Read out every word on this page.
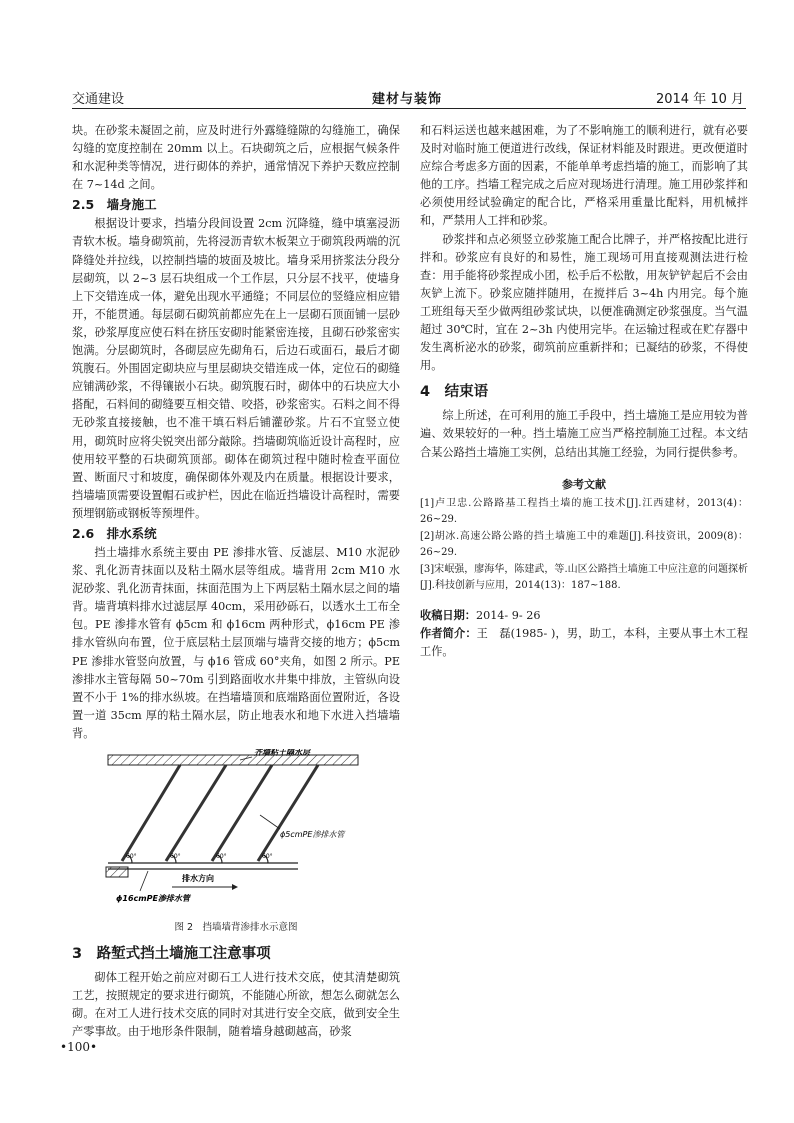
交通建设	建材与装饰	2014 年 10 月

块。在砂浆未凝固之前，应及时进行外露缝缝隙的勾缝施工，确保勾缝的宽度控制在 20mm 以上。石块砌筑之后，应根据气候条件和水泥种类等情况，进行砌体的养护，通常情况下养护天数应控制在 7~14d 之间。

2.5　墙身施工

根据设计要求，挡墙分段间设置 2cm 沉降缝，缝中填塞浸沥青软木板。墙身砌筑前，先将浸沥青软木板架立于砌筑段两端的沉降缝处并拉线，以控制挡墙的坡面及坡比。墙身采用挤浆法分段分层砌筑，以 2~3 层石块组成一个工作层，只分层不找平，使墙身上下交错连成一体，避免出现水平通缝；不同层位的竖缝应相应错开，不能贯通。每层砌石砌筑前都应先在上一层砌石顶面铺一层砂浆，砂浆厚度应使石料在挤压安砌时能紧密连接，且砌石砂浆密实饱满。分层砌筑时，各砌层应先砌角石，后边石或面石，最后才砌筑腹石。外围固定砌块应与里层砌块交错连成一体，定位石的砌缝应铺满砂浆，不得镶嵌小石块。砌筑腹石时，砌体中的石块应大小搭配，石料间的砌缝要互相交错、咬搭，砂浆密实。石料之间不得无砂浆直接接触，也不准干填石料后铺灌砂浆。片石不宜竖立使用，砌筑时应将尖锐突出部分敲除。挡墙砌筑临近设计高程时，应使用较平整的石块砌筑顶部。砌体在砌筑过程中随时检查平面位置、断面尺寸和坡度，确保砌体外观及内在质量。根据设计要求，挡墙墙顶需要设置帽石或护栏，因此在临近挡墙设计高程时，需要预埋钢筋或钢板等预埋件。

2.6　排水系统

挡土墙排水系统主要由 PE 渗排水管、反滤层、M10 水泥砂浆、乳化沥青抹面以及粘土隔水层等组成。墙背用 2cm M10 水泥砂浆、乳化沥青抹面，抹面范围为上下两层粘土隔水层之间的墙背。墙背填料排水过滤层厚 40cm，采用砂砾石，以透水土工布全包。PE 渗排水管有 ϕ5cm 和 ϕ16cm 两种形式，ϕ16cm PE 渗排水管纵向布置，位于底层粘土层顶端与墙背交接的地方；ϕ5cm PE 渗排水管竖向放置，与 ϕ16 管成 60°夹角，如图 2 所示。PE 渗排水主管每隔 50~70m 引到路面收水井集中排放，主管纵向设置不小于 1%的排水纵坡。在挡墙墙顶和底端路面位置附近，各设置一道 35cm 厚的粘土隔水层，防止地表水和地下水进入挡墙墙背。

齐墙粘土隔水层
ϕ5cmPE渗排水管
60°	60°	60°	60°
排水方向
ϕ16cmPE渗排水管
图 2　挡墙墙背渗排水示意图
3　路堑式挡土墙施工注意事项

砌体工程开始之前应对砌石工人进行技术交底，使其清楚砌筑工艺，按照规定的要求进行砌筑，不能随心所欲，想怎么砌就怎么砌。在对工人进行技术交底的同时对其进行安全交底，做到安全生产零事故。由于地形条件限制，随着墙身越砌越高，砂浆

和石料运送也越来越困难，为了不影响施工的顺利进行，就有必要及时对临时施工便道进行改线，保证材料能及时跟进。更改便道时应综合考虑多方面的因素，不能单单考虑挡墙的施工，而影响了其他的工序。挡墙工程完成之后应对现场进行清理。施工用砂浆拌和必须使用经试验确定的配合比，严格采用重量比配料，用机械拌和，严禁用人工拌和砂浆。

砂浆拌和点必须竖立砂浆施工配合比牌子，并严格按配比进行拌和。砂浆应有良好的和易性，施工现场可用直接观测法进行检查：用手能将砂浆捏成小团，松手后不松散，用灰铲铲起后不会由灰铲上流下。砂浆应随拌随用，在搅拌后 3~4h 内用完。每个施工班组每天至少做两组砂浆试块，以便准确测定砂浆强度。当气温超过 30℃时，宜在 2~3h 内使用完毕。在运输过程或在贮存器中发生离析泌水的砂浆，砌筑前应重新拌和；已凝结的砂浆，不得使用。

4　结束语

综上所述，在可利用的施工手段中，挡土墙施工是应用较为普遍、效果较好的一种。挡土墙施工应当严格控制施工过程。本文结合某公路挡土墙施工实例，总结出其施工经验，为同行提供参考。

参考文献

[1]卢卫忠.公路路基工程挡土墙的施工技术[J].江西建材，2013(4)：26~29.

[2]胡冰.高速公路公路的挡土墙施工中的难题[J].科技资讯，2009(8)：26~29.

[3]宋岷强，廖海华，陈建武，等.山区公路挡土墙施工中应注意的问题探析[J].科技创新与应用，2014(13)：187~188.

收稿日期：2014- 9- 26
作者简介：王　磊(1985- )，男，助工，本科，主要从事土木工程工作。
•100•
